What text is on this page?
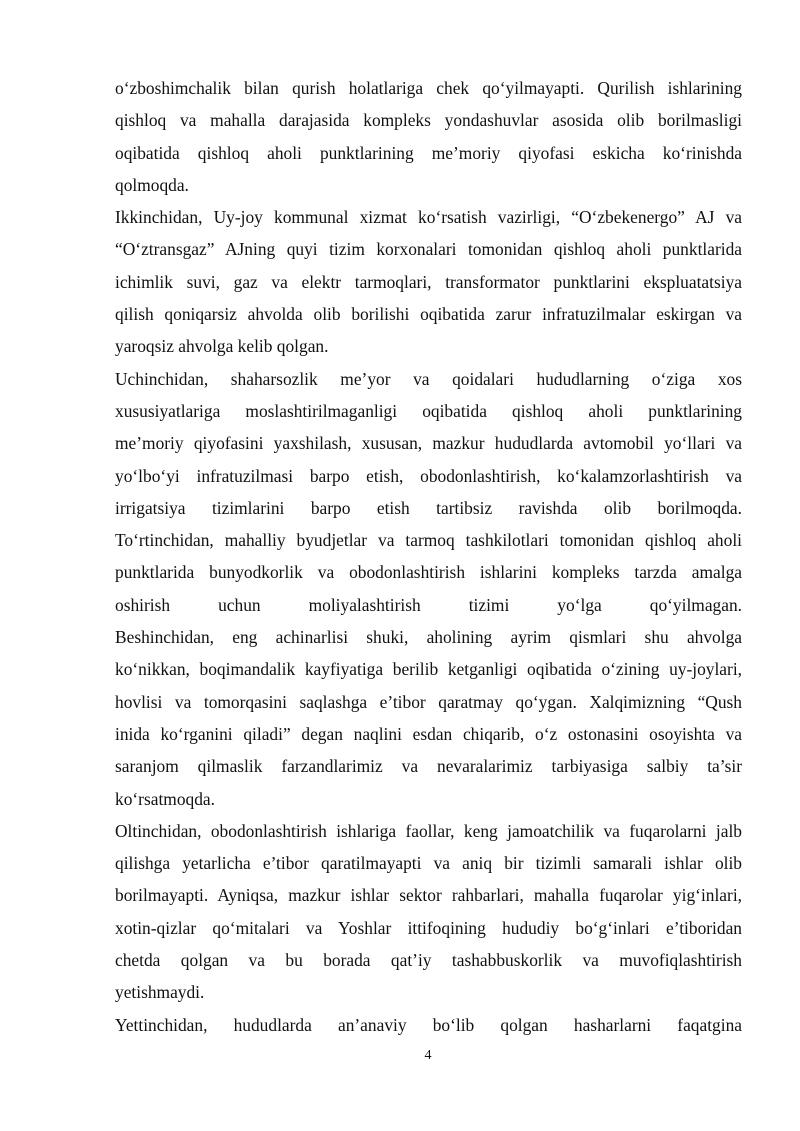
o‘zboshimchalik bilan qurish holatlariga chek qo‘yilmayapti. Qurilish ishlarining
qishloq va mahalla darajasida kompleks yondashuvlar asosida olib borilmasligi
oqibatida qishloq aholi punktlarining me’moriy qiyofasi eskicha ko‘rinishda
qolmoqda.
Ikkinchidan, Uy-joy kommunal xizmat ko‘rsatish vazirligi, “O‘zbekenergo” AJ va
“O‘ztransgaz” AJning quyi tizim korxonalari tomonidan qishloq aholi punktlarida
ichimlik suvi, gaz va elektr tarmoqlari, transformator punktlarini ekspluatatsiya
qilish qoniqarsiz ahvolda olib borilishi oqibatida zarur infratuzilmalar eskirgan va
yaroqsiz ahvolga kelib qolgan.
Uchinchidan, shaharsozlik me’yor va qoidalari hududlarning o‘ziga xos
xususiyatlariga moslashtirilmaganligi oqibatida qishloq aholi punktlarining
me’moriy qiyofasini yaxshilash, xususan, mazkur hududlarda avtomobil yo‘llari va
yo‘lbo‘yi infratuzilmasi barpo etish, obodonlashtirish, ko‘kalamzorlashtirish va
irrigatsiya tizimlarini barpo etish tartibsiz ravishda olib borilmoqda.
To‘rtinchidan, mahalliy byudjetlar va tarmoq tashkilotlari tomonidan qishloq aholi
punktlarida bunyodkorlik va obodonlashtirish ishlarini kompleks tarzda amalga
oshirish uchun moliyalashtirish tizimi yo‘lga qo‘yilmagan.
Beshinchidan, eng achinarlisi shuki, aholining ayrim qismlari shu ahvolga
ko‘nikkan, boqimandalik kayfiyatiga berilib ketganligi oqibatida o‘zining uy-joylari,
hovlisi va tomorqasini saqlashga e’tibor qaratmay qo‘ygan. Xalqimizning “Qush
inida ko‘rganini qiladi” degan naqlini esdan chiqarib, o‘z ostonasini osoyishta va
saranjom qilmaslik farzandlarimiz va nevaralarimiz tarbiyasiga salbiy ta’sir
ko‘rsatmoqda.
Oltinchidan, obodonlashtirish ishlariga faollar, keng jamoatchilik va fuqarolarni jalb
qilishga yetarlicha e’tibor qaratilmayapti va aniq bir tizimli samarali ishlar olib
borilmayapti. Ayniqsa, mazkur ishlar sektor rahbarlari, mahalla fuqarolar yig‘inlari,
xotin-qizlar qo‘mitalari va Yoshlar ittifoqining hududiy bo‘g‘inlari e’tiboridan
chetda qolgan va bu borada qat’iy tashabbuskorlik va muvofiqlashtirish
yetishmaydi.
Yettinchidan, hududlarda an’anaviy bo‘lib qolgan hasharlarni faqatgina
4
